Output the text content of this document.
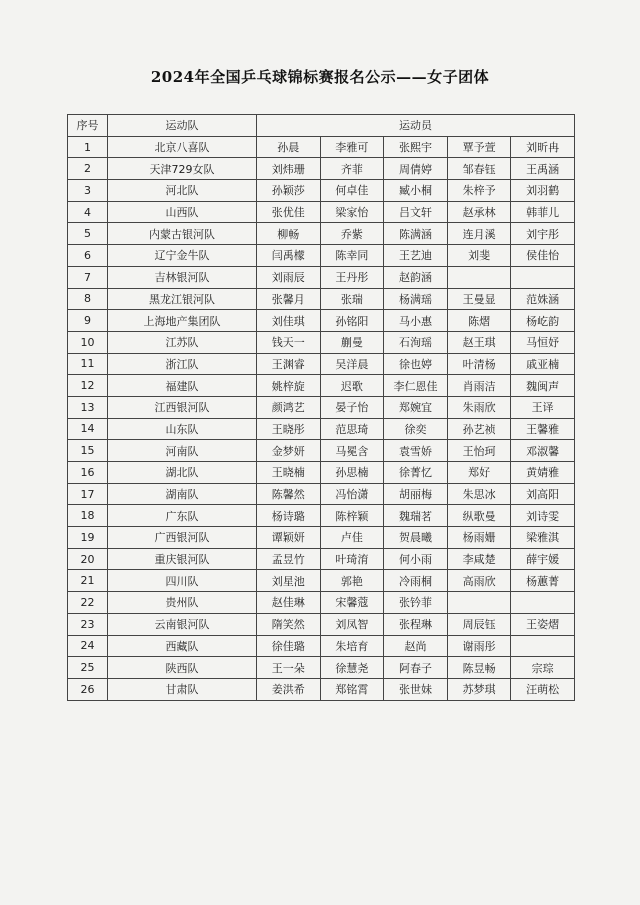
2024年全国乒乓球锦标赛报名公示——女子团体
序号	运动队	运动员				
1	北京八喜队	孙晨	李雅可	张熙宇	覃予萱	刘昕冉
2	天津729女队	刘炜珊	齐菲	周倩婷	邹春钰	王禹涵
3	河北队	孙颖莎	何卓佳	臧小桐	朱梓予	刘羽鹤
4	山西队	张优佳	梁家怡	吕文轩	赵承林	韩菲儿
5	内蒙古银河队	柳畅	乔紫	陈满涵	连月溪	刘宇彤
6	辽宁金牛队	闫禹檬	陈幸同	王艺迪	刘斐	侯佳怡
7	吉林银河队	刘雨辰	王丹彤	赵韵涵		
8	黑龙江银河队	张馨月	张瑞	杨满瑶	王曼显	范姝涵
9	上海地产集团队	刘佳琪	孙铭阳	马小惠	陈熠	杨屹韵
10	江苏队	钱天一	蒯曼	石洵瑶	赵王琪	马恒妤
11	浙江队	王渊睿	吴洋晨	徐也婷	叶清杨	戚亚楠
12	福建队	姚梓旋	迟歌	李仁恩佳	肖雨洁	魏闽声
13	江西银河队	颜鸿艺	晏子怡	郑婉宜	朱雨欣	王译
14	山东队	王晓彤	范思琦	徐奕	孙艺祯	王馨雅
15	河南队	金梦妍	马冕含	袁雪娇	王怡珂	邓淑馨
16	湖北队	王晓楠	孙思楠	徐菁忆	郑好	黄婧雅
17	湖南队	陈馨然	冯怡潇	胡丽梅	朱思冰	刘高阳
18	广东队	杨诗璐	陈梓颖	魏瑞茗	纵歌曼	刘诗雯
19	广西银河队	谭颖妍	卢佳	贺晨曦	杨雨姗	梁雅淇
20	重庆银河队	孟昱竹	叶琦淯	何小雨	李咸楚	薛宇媛
21	四川队	刘星池	郭艳	冷雨桐	高雨欣	杨蕙菁
22	贵州队	赵佳琳	宋馨蔻	张钤菲		
23	云南银河队	隋笑然	刘凤智	张程琳	周辰钰	王姿熠
24	西藏队	徐佳璐	朱培育	赵尚	谢雨彤	
25	陕西队	王一朵	徐慧尧	阿春子	陈昱畅	宗琮
26	甘肃队	姜洪希	郑铭霄	张世妹	苏梦琪	汪萌松
